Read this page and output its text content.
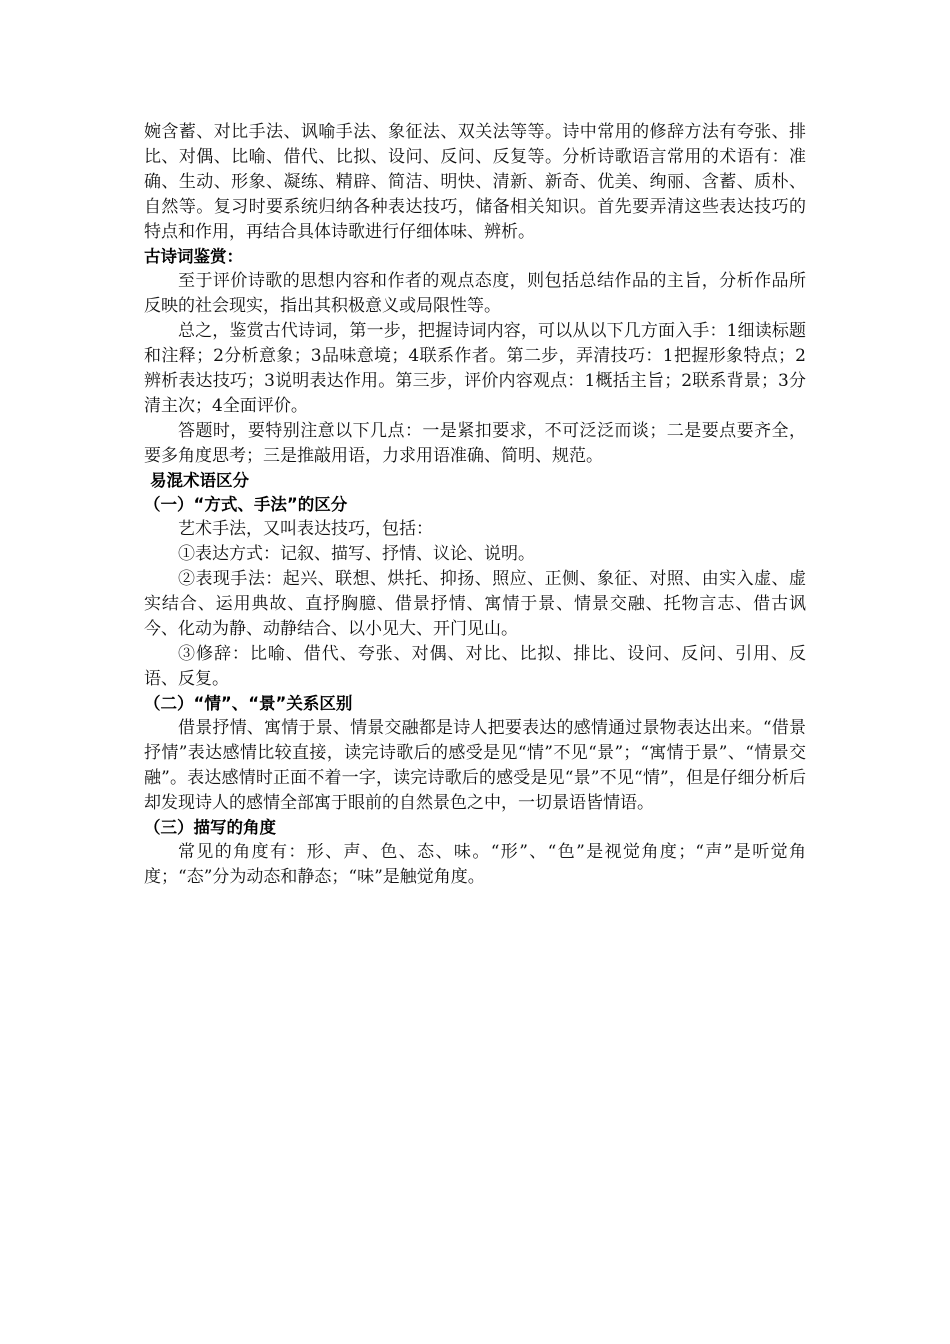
婉含蓄、对比手法、讽喻手法、象征法、双关法等等。诗中常用的修辞方法有夸张、排比、对偶、比喻、借代、比拟、设问、反问、反复等。分析诗歌语言常用的术语有：准确、生动、形象、凝练、精辟、简洁、明快、清新、新奇、优美、绚丽、含蓄、质朴、自然等。复习时要系统归纳各种表达技巧，储备相关知识。首先要弄清这些表达技巧的特点和作用，再结合具体诗歌进行仔细体味、辨析。

古诗词鉴赏：

至于评价诗歌的思想内容和作者的观点态度，则包括总结作品的主旨，分析作品所反映的社会现实，指出其积极意义或局限性等。

总之，鉴赏古代诗词，第一步，把握诗词内容，可以从以下几方面入手：1细读标题和注释；2分析意象；3品味意境；4联系作者。第二步，弄清技巧：1把握形象特点；2辨析表达技巧；3说明表达作用。第三步，评价内容观点：1概括主旨；2联系背景；3分清主次；4全面评价。

答题时，要特别注意以下几点：一是紧扣要求，不可泛泛而谈；二是要点要齐全，要多角度思考；三是推敲用语，力求用语准确、简明、规范。

易混术语区分

（一）“方式、手法”的区分

艺术手法，又叫表达技巧，包括：

①表达方式：记叙、描写、抒情、议论、说明。

②表现手法：起兴、联想、烘托、抑扬、照应、正侧、象征、对照、由实入虚、虚实结合、运用典故、直抒胸臆、借景抒情、寓情于景、情景交融、托物言志、借古讽今、化动为静、动静结合、以小见大、开门见山。

③修辞：比喻、借代、夸张、对偶、对比、比拟、排比、设问、反问、引用、反语、反复。

（二）“情”、“景”关系区别

借景抒情、寓情于景、情景交融都是诗人把要表达的感情通过景物表达出来。“借景抒情”表达感情比较直接，读完诗歌后的感受是见“情”不见“景”；“寓情于景”、“情景交融”。表达感情时正面不着一字，读完诗歌后的感受是见“景”不见“情”，但是仔细分析后却发现诗人的感情全部寓于眼前的自然景色之中，一切景语皆情语。

（三）描写的角度

常见的角度有：形、声、色、态、味。“形”、“色”是视觉角度；“声”是听觉角度；“态”分为动态和静态；“味”是触觉角度。
